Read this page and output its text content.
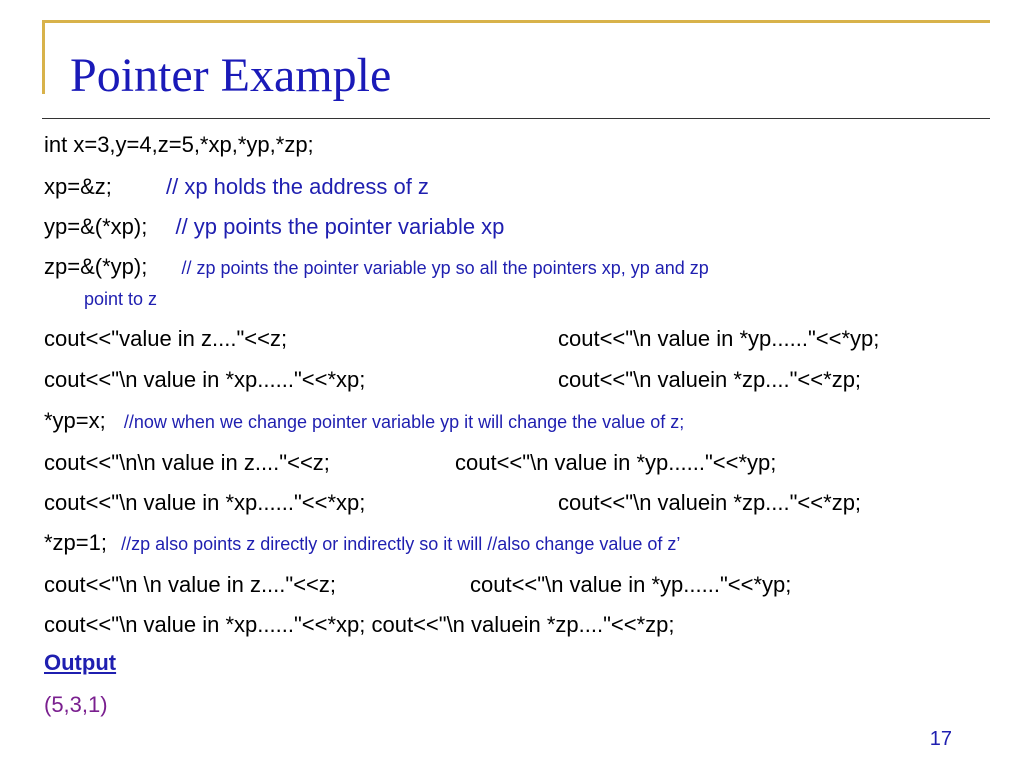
Pointer Example
int x=3,y=4,z=5,*xp,*yp,*zp;
xp=&z; // xp holds the address of z
yp=&(*xp); // yp points the pointer variable xp
zp=&(*yp); // zp points the pointer variable yp so all the pointers xp, yp and zp
point to z
cout<<"value in z...."<<z;	cout<<"\n value in *yp......"<<*yp;
cout<<"\n value in *xp......"<<*xp;	cout<<"\n valuein *zp...."<<*zp;
*yp=x; //now when we change pointer variable yp it will change the value of z;
cout<<"\n\n value in z...."<<z;	cout<<"\n value in *yp......"<<*yp;
cout<<"\n value in *xp......"<<*xp;	cout<<"\n valuein *zp...."<<*zp;
*zp=1; //zp also points z directly or indirectly so it will //also change value of z’
cout<<"\n \n value in z...."<<z;	cout<<"\n value in *yp......"<<*yp;
cout<<"\n value in *xp......"<<*xp; cout<<"\n valuein *zp...."<<*zp;
Output
(5,3,1)
17
